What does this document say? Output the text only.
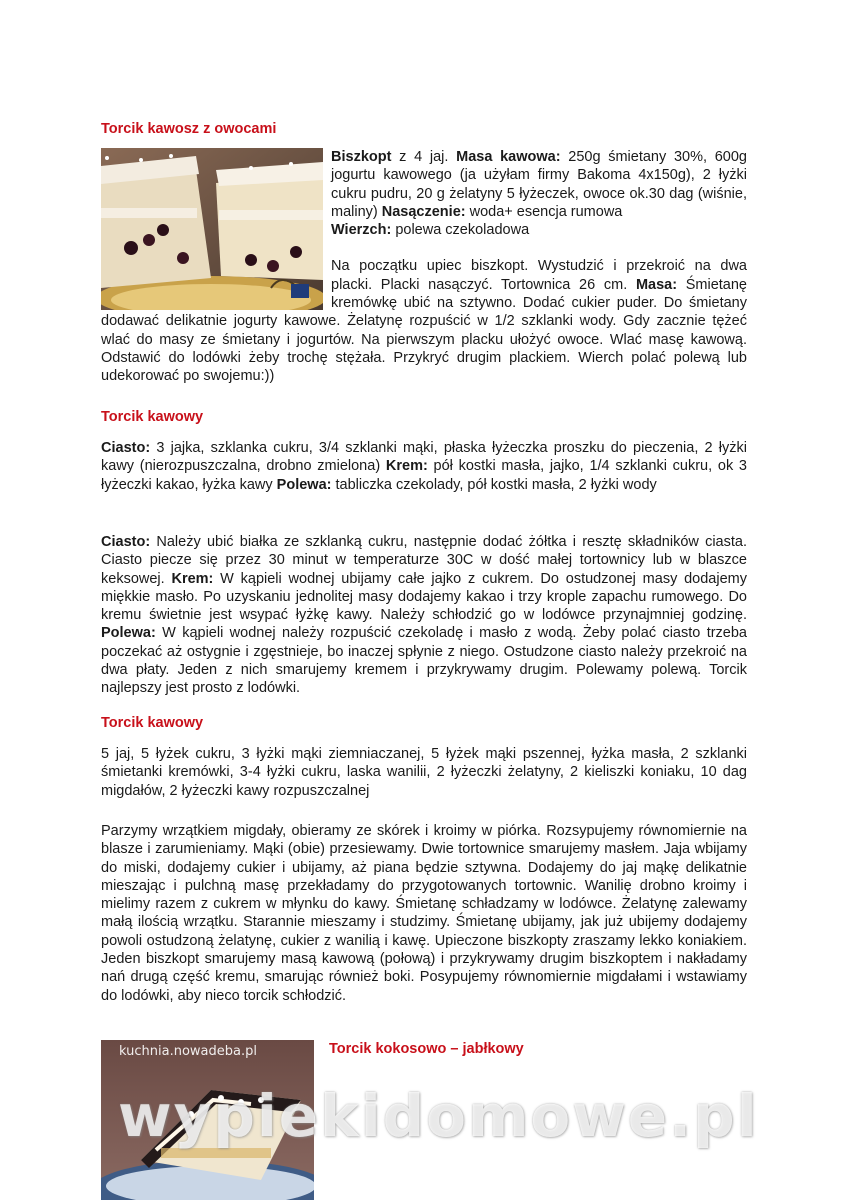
Torcik kawosz z owocami
Biszkopt z 4 jaj. Masa kawowa: 250g śmietany 30%, 600g jogurtu kawowego (ja użyłam firmy Bakoma 4x150g), 2 łyżki cukru pudru, 20 g żelatyny 5 łyżeczek, owoce ok.30 dag (wiśnie, maliny) Nasączenie: woda+ esencja rumowa
Wierzch: polewa czekoladowa
Na początku upiec biszkopt. Wystudzić i przekroić na dwa placki. Placki nasączyć. Tortownica 26 cm. Masa: Śmietanę kremówkę ubić na sztywno. Dodać cukier puder. Do śmietany dodawać delikatnie jogurty kawowe. Żelatynę rozpuścić w 1/2 szklanki wody. Gdy zacznie tężeć wlać do masy ze śmietany i jogurtów. Na pierwszym placku ułożyć owoce. Wlać masę kawową. Odstawić do lodówki żeby trochę stężała. Przykryć drugim plackiem. Wierch polać polewą lub udekorować po swojemu:))
Torcik kawowy

Ciasto: 3 jajka, szklanka cukru, 3/4 szklanki mąki, płaska łyżeczka proszku do pieczenia, 2 łyżki kawy (nierozpuszczalna, drobno zmielona) Krem: pół kostki masła, jajko, 1/4 szklanki cukru, ok 3 łyżeczki kakao, łyżka kawy Polewa: tabliczka czekolady, pół kostki masła, 2 łyżki wody

Ciasto: Należy ubić białka ze szklanką cukru, następnie dodać żółtka i resztę składników ciasta. Ciasto piecze się przez 30 minut w temperaturze 30C w dość małej tortownicy lub w blaszce keksowej. Krem: W kąpieli wodnej ubijamy całe jajko z cukrem. Do ostudzonej masy dodajemy miękkie masło. Po uzyskaniu jednolitej masy dodajemy kakao i trzy krople zapachu rumowego. Do kremu świetnie jest wsypać łyżkę kawy. Należy schłodzić go w lodówce przynajmniej godzinę. Polewa: W kąpieli wodnej należy rozpuścić czekoladę i masło z wodą. Żeby polać ciasto trzeba poczekać aż ostygnie i zgęstnieje, bo inaczej spłynie z niego. Ostudzone ciasto należy przekroić na dwa płaty. Jeden z nich smarujemy kremem i przykrywamy drugim. Polewamy polewą. Torcik najlepszy jest prosto z lodówki.

Torcik kawowy

5 jaj, 5 łyżek cukru, 3 łyżki mąki ziemniaczanej, 5 łyżek mąki pszennej, łyżka masła, 2 szklanki śmietanki kremówki, 3-4 łyżki cukru, laska wanilii, 2 łyżeczki żelatyny, 2 kieliszki koniaku, 10 dag migdałów, 2 łyżeczki kawy rozpuszczalnej

Parzymy wrzątkiem migdały, obieramy ze skórek i kroimy w piórka. Rozsypujemy równomiernie na blasze i zarumieniamy. Mąki (obie) przesiewamy. Dwie tortownice smarujemy masłem. Jaja wbijamy do miski, dodajemy cukier i ubijamy, aż piana będzie sztywna. Dodajemy do jaj mąkę delikatnie mieszając i pulchną masę przekładamy do przygotowanych tortownic. Wanilię drobno kroimy i mielimy razem z cukrem w młynku do kawy. Śmietanę schładzamy w lodówce. Żelatynę zalewamy małą ilością wrzątku. Starannie mieszamy i studzimy. Śmietanę ubijamy, jak już ubijemy dodajemy powoli ostudzoną żelatynę, cukier z wanilią i kawę. Upieczone biszkopty zraszamy lekko koniakiem. Jeden biszkopt smarujemy masą kawową (połową) i przykrywamy drugim biszkoptem i nakładamy nań drugą część kremu, smarując również boki. Posypujemy równomiernie migdałami i wstawiamy do lodówki, aby nieco torcik schłodzić.

kuchnia.nowadeba.pl	Torcik kokosowo – jabłkowy
wypiekidomowe.pl
